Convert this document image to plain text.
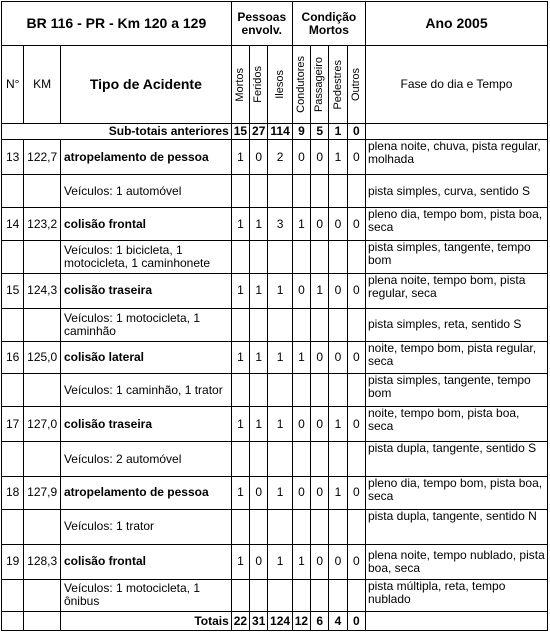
BR 116 - PR - Km 120 a 129			Pessoas envolv.			Condição Mortos				Ano 2005
N°	KM	Tipo de Acidente	Mortos	Feridos	Ilesos	Condutores	Passageiro	Pedestres	Outros	Fase do dia e Tempo
Sub-totais anteriores			15	27	114	9	5	1	0	
13	122,7	atropelamento de pessoa	1	0	2	0	0	1	0	plena noite, chuva, pista regular, molhada
		Veículos: 1 automóvel								pista simples, curva, sentido S
14	123,2	colisão frontal	1	1	3	1	0	0	0	pleno dia, tempo bom, pista boa, seca
		Veículos: 1 bicicleta, 1 motocicleta, 1 caminhonete								pista simples, tangente, tempo bom
15	124,3	colisão traseira	1	1	1	0	1	0	0	plena noite, tempo bom, pista regular, seca
		Veículos: 1 motocicleta, 1 caminhão								pista simples, reta, sentido S
16	125,0	colisão lateral	1	1	1	1	0	0	0	noite, tempo bom, pista regular, seca
		Veículos: 1 caminhão, 1 trator								pista simples, tangente, tempo bom
17	127,0	colisão traseira	1	1	1	0	0	1	0	noite, tempo bom, pista boa, seca
		Veículos: 2 automóvel								pista dupla, tangente, sentido S
18	127,9	atropelamento de pessoa	1	0	1	0	0	1	0	pleno dia, tempo bom, pista boa, seca
		Veículos: 1 trator								pista dupla, tangente, sentido N
19	128,3	colisão frontal	1	0	1	1	0	0	0	plena noite, tempo nublado, pista boa, seca
		Veículos: 1 motocicleta, 1 ônibus								pista múltipla, reta, tempo nublado
		Totais	22	31	124	12	6	4	0	
